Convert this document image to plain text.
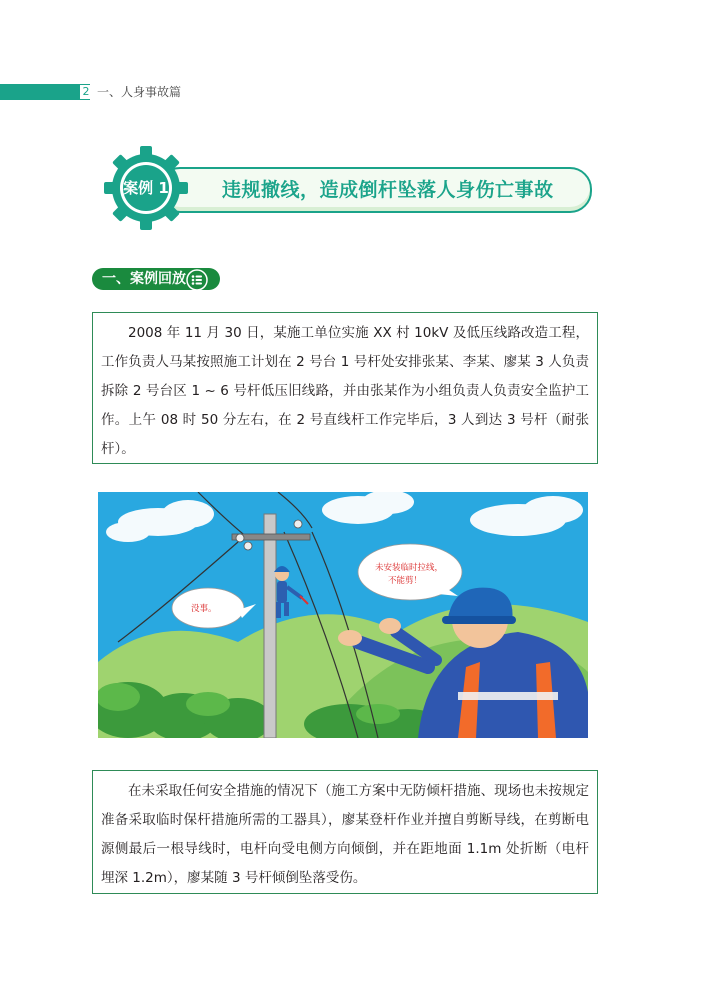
2 一、人身事故篇
违规撤线，造成倒杆坠落人身伤亡事故
案例 1
一、案例回放

2008 年 11 月 30 日，某施工单位实施 XX 村 10kV 及低压线路改造工程，工作负责人马某按照施工计划在 2 号台 1 号杆处安排张某、李某、廖某 3 人负责拆除 2 号台区 1 ~ 6 号杆低压旧线路，并由张某作为小组负责人负责安全监护工作。上午 08 时 50 分左右，在 2 号直线杆工作完毕后，3 人到达 3 号杆（耐张杆）。

没事。
未安装临时拉线，
不能剪！

在未采取任何安全措施的情况下（施工方案中无防倾杆措施、现场也未按规定准备采取临时保杆措施所需的工器具），廖某登杆作业并擅自剪断导线，在剪断电源侧最后一根导线时，电杆向受电侧方向倾倒，并在距地面 1.1m 处折断（电杆埋深 1.2m），廖某随 3 号杆倾倒坠落受伤。
